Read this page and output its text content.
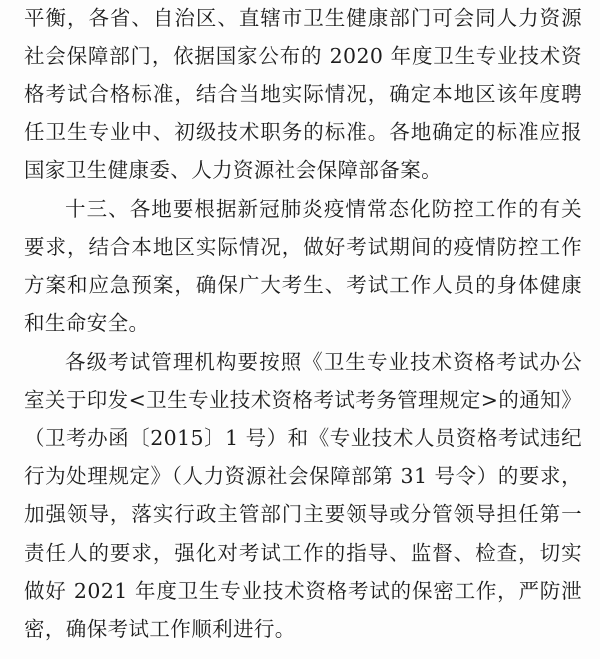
平衡，各省、自治区、直辖市卫生健康部门可会同人力资源
社会保障部门，依据国家公布的 2020 年度卫生专业技术资
格考试合格标准，结合当地实际情况，确定本地区该年度聘
任卫生专业中、初级技术职务的标准。各地确定的标准应报
国家卫生健康委、人力资源社会保障部备案。
十三、各地要根据新冠肺炎疫情常态化防控工作的有关
要求，结合本地区实际情况，做好考试期间的疫情防控工作
方案和应急预案，确保广大考生、考试工作人员的身体健康
和生命安全。
各级考试管理机构要按照《卫生专业技术资格考试办公
室关于印发<卫生专业技术资格考试考务管理规定>的通知》
（卫考办函〔2015〕1 号）和《专业技术人员资格考试违纪
行为处理规定》（人力资源社会保障部第 31 号令）的要求，
加强领导，落实行政主管部门主要领导或分管领导担任第一
责任人的要求，强化对考试工作的指导、监督、检查，切实
做好 2021 年度卫生专业技术资格考试的保密工作，严防泄
密，确保考试工作顺利进行。
